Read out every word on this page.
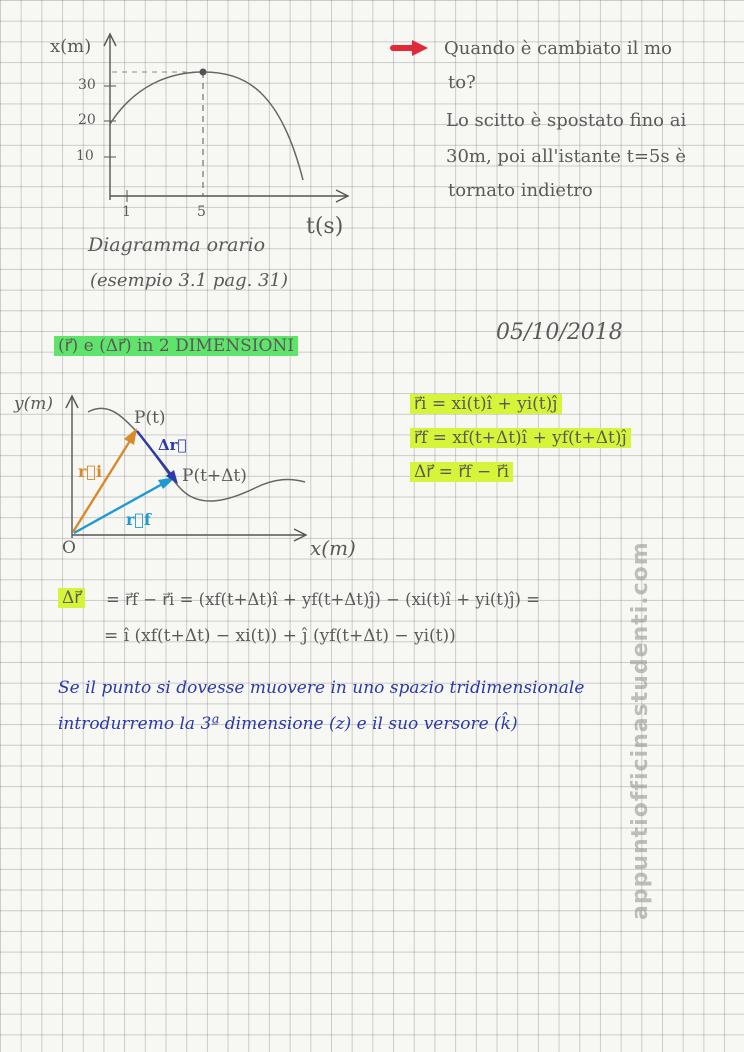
x(m)
30
20
10
1	5
t(s)
Diagramma orario
(esempio 3.1 pag. 31)
Quando è cambiato il mo
to?
Lo scitto è spostato fino ai
30m, poi all'istante t=5s è
tornato indietro
05/10/2018
(r⃗) e (Δr⃗) in 2 DIMENSIONI
y(m)
x(m)
O
P(t)
P(t+Δt)
Δr⃗
r⃗i
r⃗f
r⃗i = xi(t)î + yi(t)ĵ
r⃗f = xf(t+Δt)î + yf(t+Δt)ĵ
Δr⃗ = r⃗f − r⃗i
Δr⃗ = r⃗f − r⃗i = (xf(t+Δt)î + yf(t+Δt)ĵ) − (xi(t)î + yi(t)ĵ) =
= î (xf(t+Δt) − xi(t)) + ĵ (yf(t+Δt) − yi(t))
Se il punto si dovesse muovere in uno spazio tridimensionale
introdurremo la 3ª dimensione (z) e il suo versore (k̂)	appuntiofficinastudenti.com
